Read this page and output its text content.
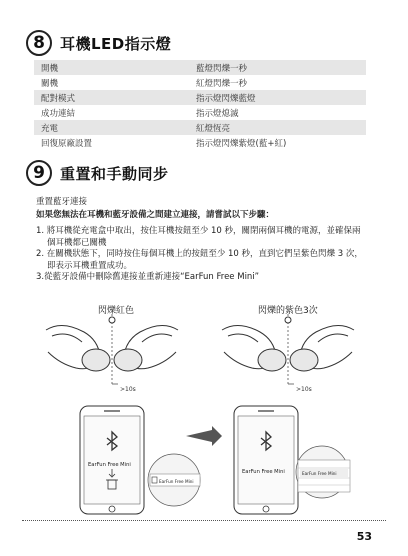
8	耳機LED指示燈
開機	藍燈閃爍一秒
關機	紅燈閃爍一秒
配對模式	指示燈閃爍藍燈
成功連結	指示燈熄滅
充電	紅燈恆亮
回復原廠設置	指示燈閃爍紫燈(藍+紅)
9	重置和手動同步
重置藍牙連接
如果您無法在耳機和藍牙設備之間建立連接，請嘗試以下步驟：
1. 將耳機從充電盒中取出，按住耳機按鈕至少 10 秒，關閉兩個耳機的電源，並確保兩個耳機都已關機
2. 在關機狀態下，同時按住每個耳機上的按鈕至少 10 秒，直到它們呈紫色閃爍 3 次，即表示耳機重置成功。
3.從藍牙設備中刪除舊連接並重新連接“EarFun Free Mini”
閃爍紅色	閃爍的紫色3次
>10s	>10s
EarFun Free Mini
EarFun Free Mini
EarFun Free Mini	EarFun Free Mini
53
